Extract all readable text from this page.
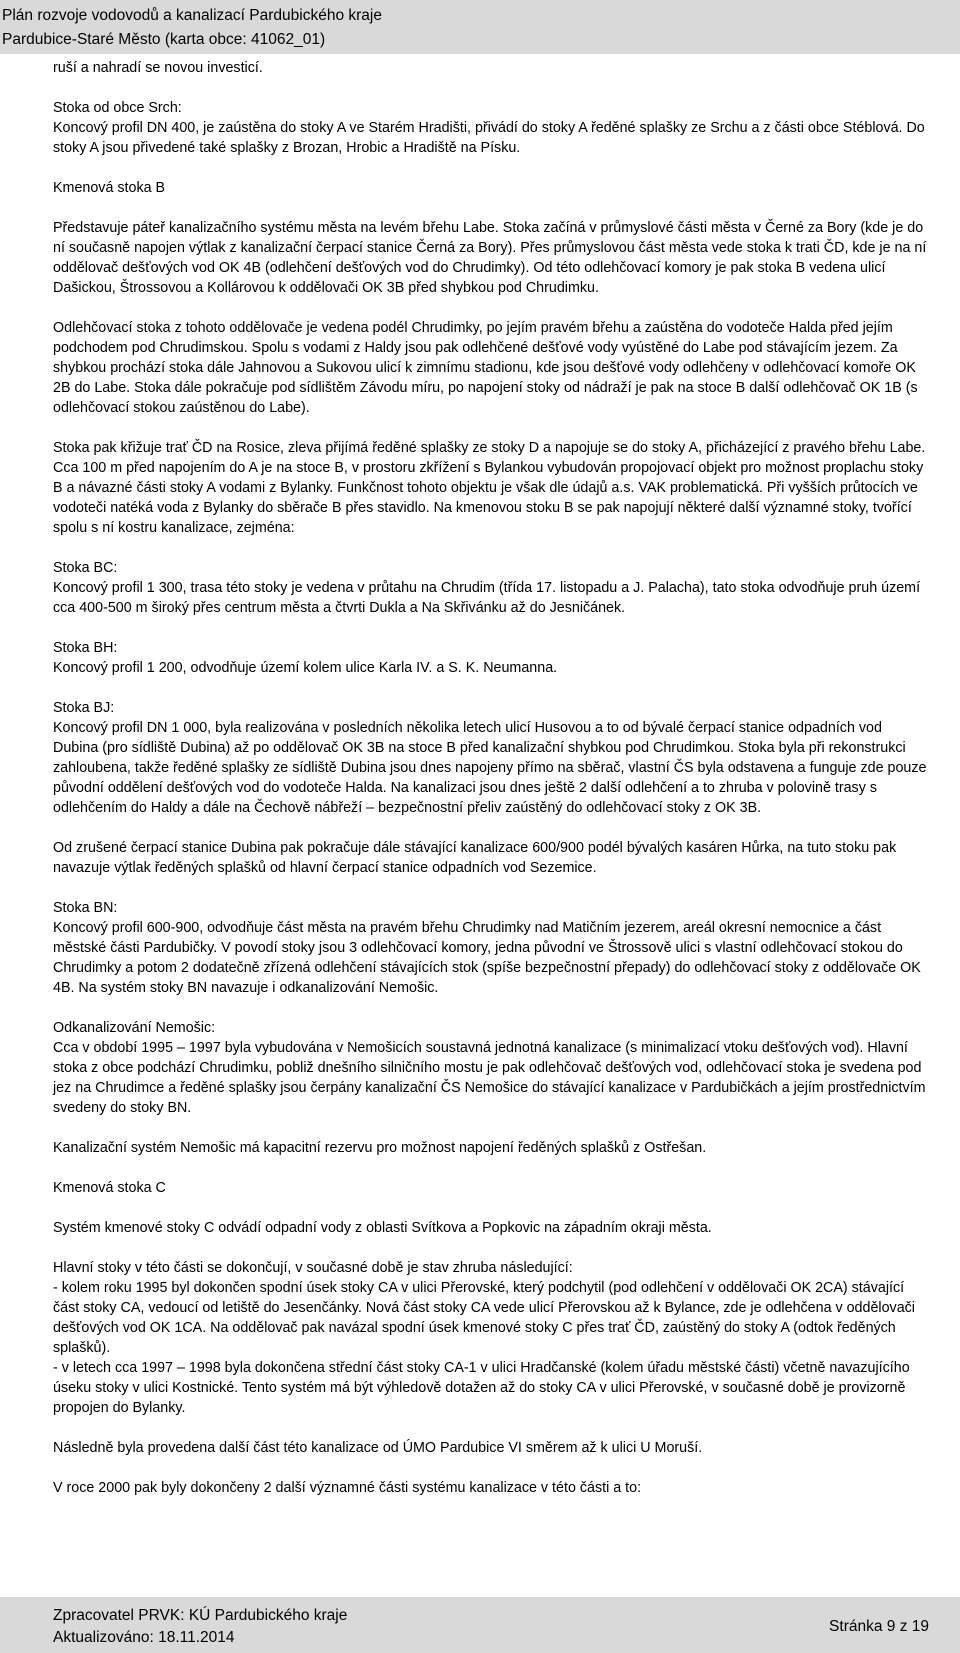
Plán rozvoje vodovodů a kanalizací Pardubického kraje
Pardubice-Staré Město (karta obce: 41062_01)

ruší a nahradí se novou investicí.

Stoka od obce Srch:
Koncový profil DN 400, je zaústěna do stoky A ve Starém Hradišti, přivádí do stoky A ředěné splašky ze Srchu a z části obce Stéblová. Do stoky A jsou přivedené také splašky z Brozan, Hrobic a Hradiště na Písku.

Kmenová stoka B

Představuje páteř kanalizačního systému města na levém břehu Labe. Stoka začíná v průmyslové části města v Černé za Bory (kde je do ní současně napojen výtlak z kanalizační čerpací stanice Černá za Bory). Přes průmyslovou část města vede stoka k trati ČD, kde je na ní oddělovač dešťových vod OK 4B (odlehčení dešťových vod do Chrudimky). Od této odlehčovací komory je pak stoka B vedena ulicí Dašickou, Štrossovou a Kollárovou k oddělovači OK 3B před shybkou pod Chrudimku.

Odlehčovací stoka z tohoto oddělovače je vedena podél Chrudimky, po jejím pravém břehu a zaústěna do vodoteče Halda před jejím podchodem pod Chrudimskou. Spolu s vodami z Haldy jsou pak odlehčené dešťové vody vyústěné do Labe pod stávajícím jezem. Za shybkou prochází stoka dále Jahnovou a Sukovou ulicí k zimnímu stadionu, kde jsou dešťové vody odlehčeny v odlehčovací komoře OK 2B do Labe. Stoka dále pokračuje pod sídlištěm Závodu míru, po napojení stoky od nádraží je pak na stoce B další odlehčovač OK 1B (s odlehčovací stokou zaústěnou do Labe).

Stoka pak křižuje trať ČD na Rosice, zleva přijímá ředěné splašky ze stoky D a napojuje se do stoky A, přicházející z pravého břehu Labe. Cca 100 m před napojením do A je na stoce B, v prostoru zkřížení s Bylankou vybudován propojovací objekt pro možnost proplachu stoky B a návazné části stoky A vodami z Bylanky. Funkčnost tohoto objektu je však dle údajů a.s. VAK problematická. Při vyšších průtocích ve vodoteči natéká voda z Bylanky do sběrače B přes stavidlo. Na kmenovou stoku B se pak napojují některé další významné stoky, tvořící spolu s ní kostru kanalizace, zejména:

Stoka BC:
Koncový profil 1 300, trasa této stoky je vedena v průtahu na Chrudim (třída 17. listopadu a J. Palacha), tato stoka odvodňuje pruh území cca 400-500 m široký přes centrum města a čtvrti Dukla a Na Skřivánku až do Jesničánek.
Stoka BH:
Koncový profil 1 200, odvodňuje území kolem ulice Karla IV. a S. K. Neumanna.
Stoka BJ:
Koncový profil DN 1 000, byla realizována v posledních několika letech ulicí Husovou a to od bývalé čerpací stanice odpadních vod Dubina (pro sídliště Dubina) až po oddělovač OK 3B na stoce B před kanalizační shybkou pod Chrudimkou. Stoka byla při rekonstrukci zahloubena, takže ředěné splašky ze sídliště Dubina jsou dnes napojeny přímo na sběrač, vlastní ČS byla odstavena a funguje zde pouze původní oddělení dešťových vod do vodoteče Halda. Na kanalizaci jsou dnes ještě 2 další odlehčení a to zhruba v polovině trasy s odlehčením do Haldy a dále na Čechově nábřeží – bezpečnostní přeliv zaústěný do odlehčovací stoky z OK 3B.

Od zrušené čerpací stanice Dubina pak pokračuje dále stávající kanalizace 600/900 podél bývalých kasáren Hůrka, na tuto stoku pak navazuje výtlak ředěných splašků od hlavní čerpací stanice odpadních vod Sezemice.

Stoka BN:
Koncový profil 600-900, odvodňuje část města na pravém břehu Chrudimky nad Matičním jezerem, areál okresní nemocnice a část městské části Pardubičky. V povodí stoky jsou 3 odlehčovací komory, jedna původní ve Štrossově ulici s vlastní odlehčovací stokou do Chrudimky a potom 2 dodatečně zřízená odlehčení stávajících stok (spíše bezpečnostní přepady) do odlehčovací stoky z oddělovače OK 4B. Na systém stoky BN navazuje i odkanalizování Nemošic.
Odkanalizování Nemošic:
Cca v období 1995 – 1997 byla vybudována v Nemošicích soustavná jednotná kanalizace (s minimalizací vtoku dešťových vod). Hlavní stoka z obce podchází Chrudimku, pobliž dnešního silničního mostu je pak odlehčovač dešťových vod, odlehčovací stoka je svedena pod jez na Chrudimce a ředěné splašky jsou čerpány kanalizační ČS Nemošice do stávající kanalizace v Pardubičkách a jejím prostřednictvím svedeny do stoky BN.

Kanalizační systém Nemošic má kapacitní rezervu pro možnost napojení ředěných splašků z Ostřešan.

Kmenová stoka C

Systém kmenové stoky C odvádí odpadní vody z oblasti Svítkova a Popkovic na západním okraji města.

Hlavní stoky v této části se dokončují, v současné době je stav zhruba následující:
- kolem roku 1995 byl dokončen spodní úsek stoky CA v ulici Přerovské, který podchytil (pod odlehčení v oddělovači OK 2CA) stávající část stoky CA, vedoucí od letiště do Jesenčánky. Nová část stoky CA vede ulicí Přerovskou až k Bylance, zde je odlehčena v oddělovači dešťových vod OK 1CA. Na oddělovač pak navázal spodní úsek kmenové stoky C přes trať ČD, zaústěný do stoky A (odtok ředěných splašků).
- v letech cca 1997 – 1998 byla dokončena střední část stoky CA-1 v ulici Hradčanské (kolem úřadu městské části) včetně navazujícího úseku stoky v ulici Kostnické. Tento systém má být výhledově dotažen až do stoky CA v ulici Přerovské, v současné době je provizorně propojen do Bylanky.

Následně byla provedena další část této kanalizace od ÚMO Pardubice VI směrem až k ulici U Moruší.

V roce 2000 pak byly dokončeny 2 další významné části systému kanalizace v této části a to:

Zpracovatel PRVK: KÚ Pardubického kraje
Aktualizováno: 18.11.2014
Stránka 9 z 19
